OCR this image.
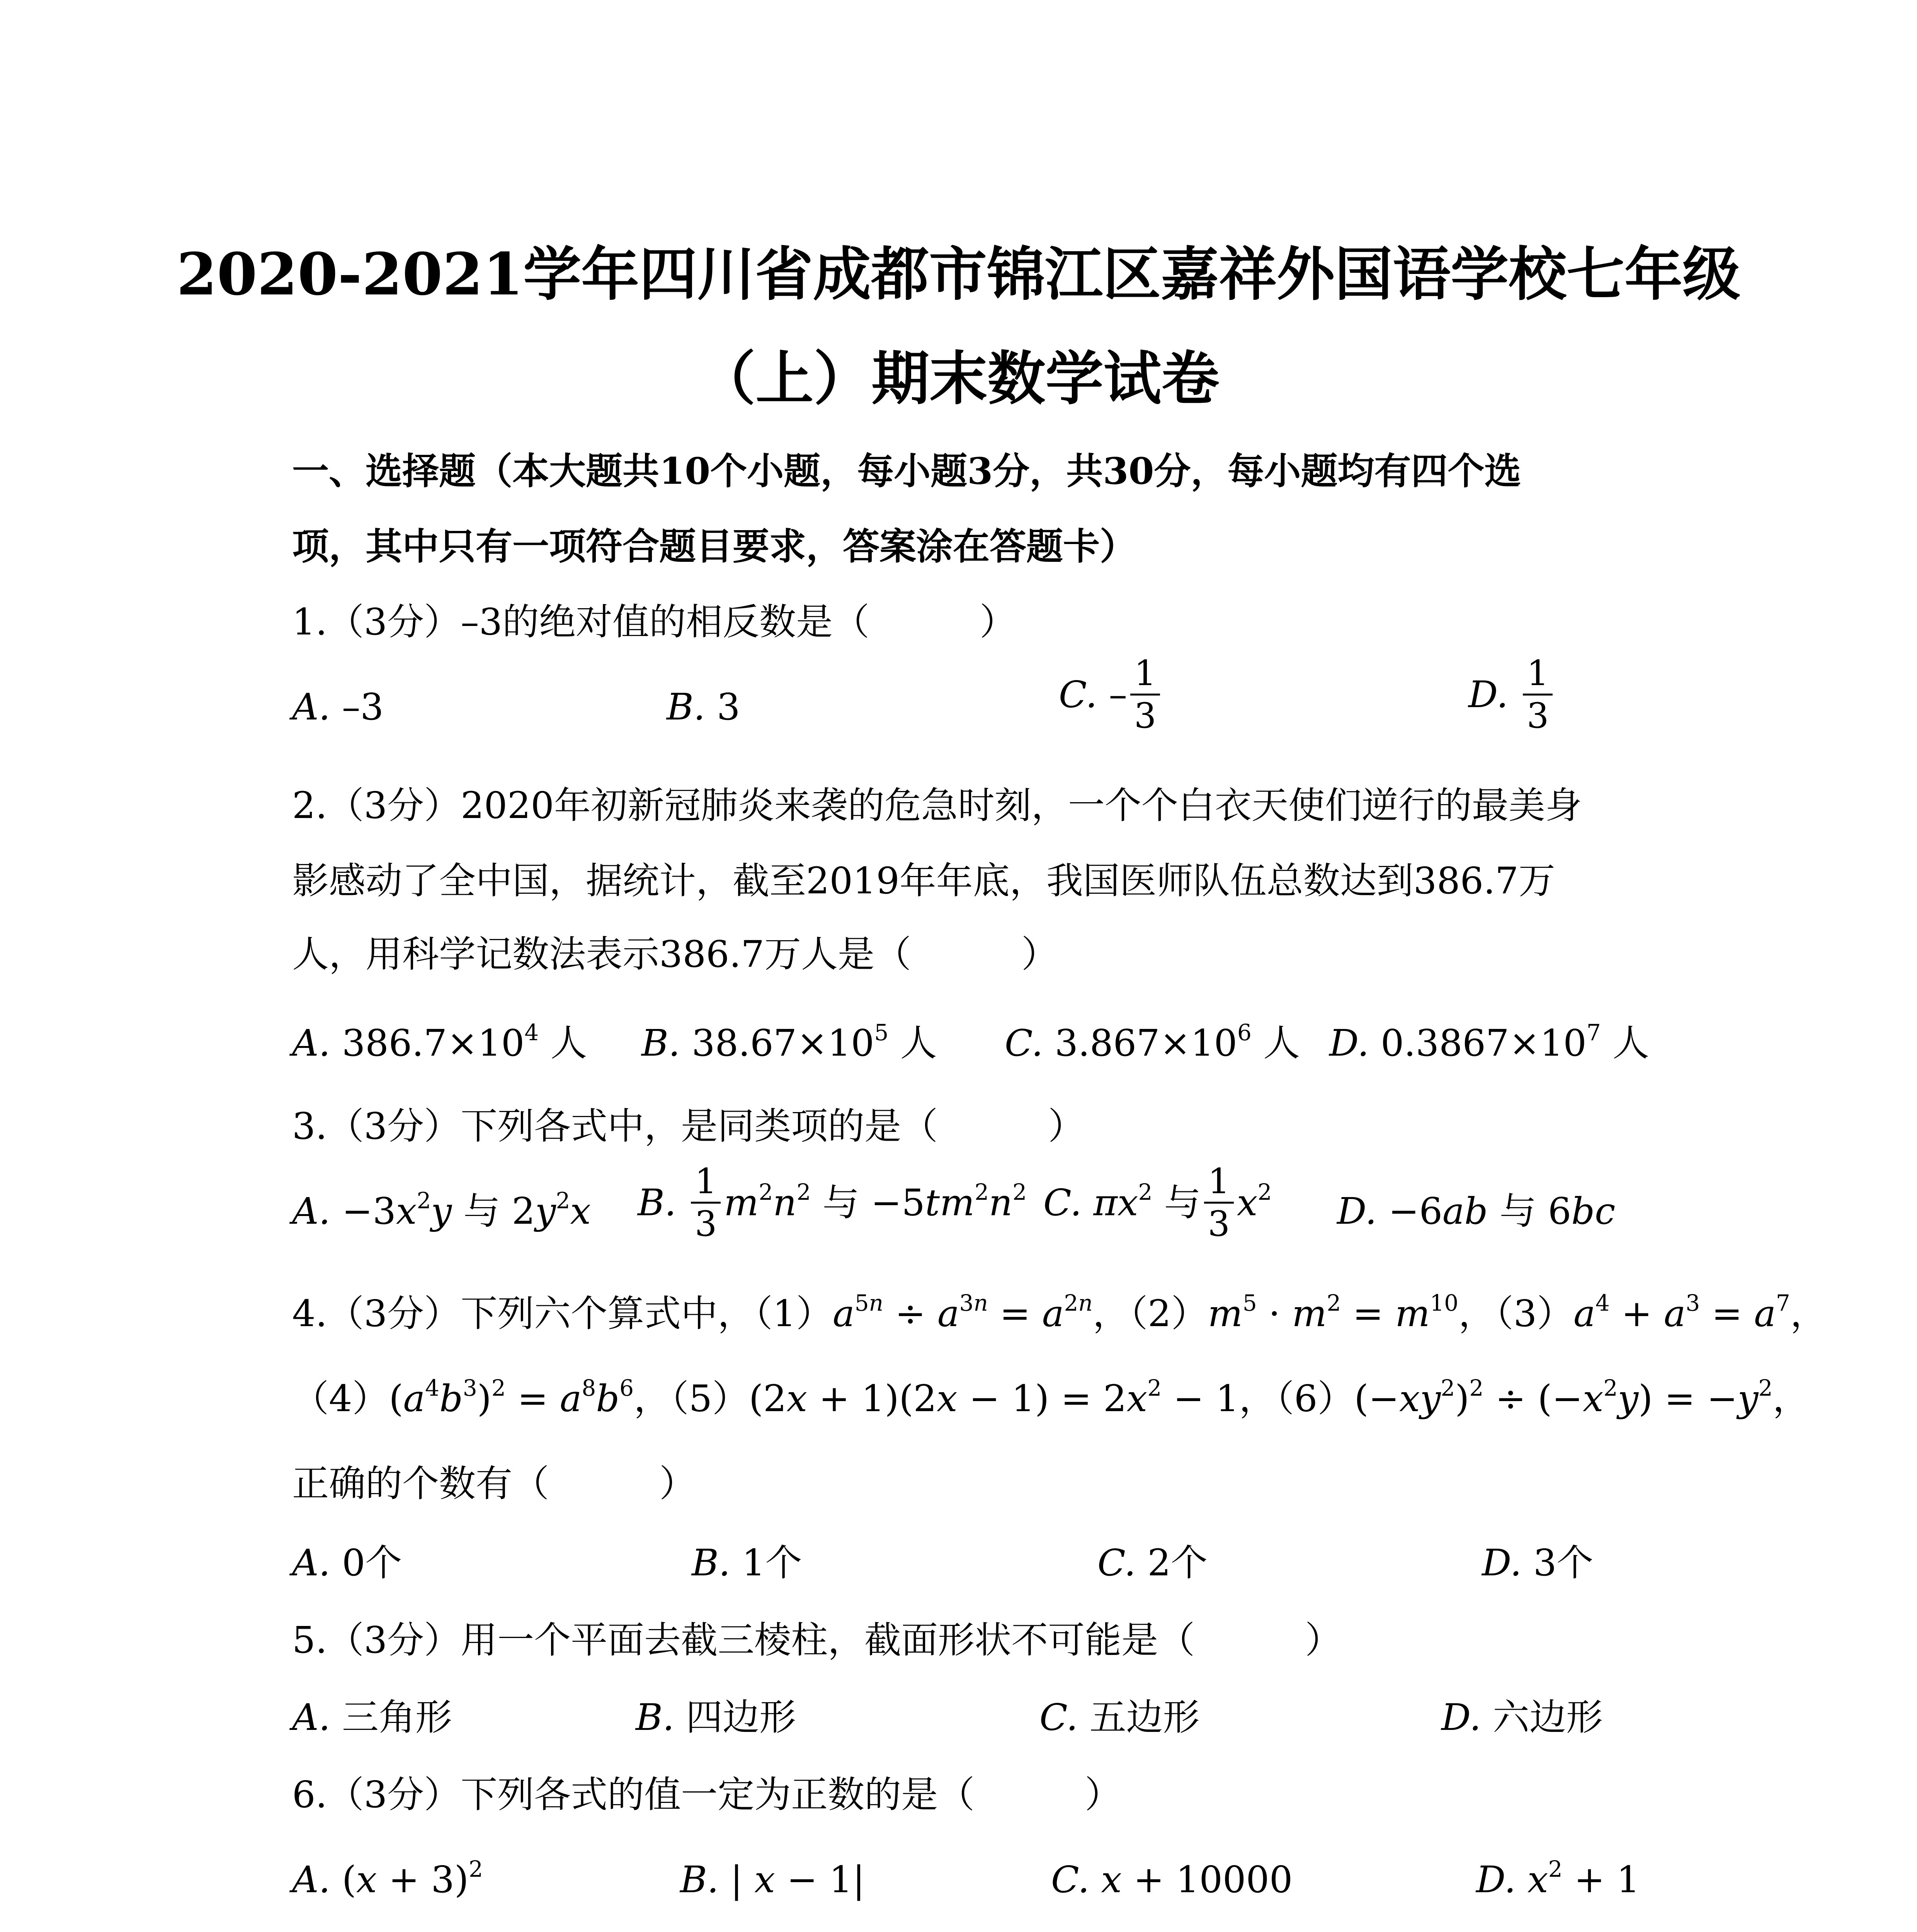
2020-2021学年四川省成都市锦江区嘉祥外国语学校七年级
（上）期末数学试卷
一、选择题（本大题共10个小题，每小题3分，共30分，每小题均有四个选
项，其中只有一项符合题目要求，答案涂在答题卡）
1.（3分）–3的绝对值的相反数是（　　　）
A. –3	B. 3	C. – $\frac{1}{3}$	D. $\frac{1}{3}$
2.（3分）2020年初新冠肺炎来袭的危急时刻，一个个白衣天使们逆行的最美身
影感动了全中国，据统计，截至2019年年底，我国医师队伍总数达到386.7万
人，用科学记数法表示386.7万人是（　　　）
A. $386.7\times 10^4$ 人 B. $38.67\times 10^5$ 人 C. $3.867\times 10^6$ 人 D. $0.3867\times 10^7$ 人
3.（3分）下列各式中，是同类项的是（　　　）
A. $-3x^2y$ 与 $2y^2x$ B. $\frac{1}{3} m^2n^2$ 与 $-5tm^2n^2$ C. $\pi x^2$ 与 $\frac{1}{3} x^2$ D. −6ab 与 6bc
4.（3分）下列六个算式中，$(1)a^{5n} \div a^{3n} = a^{2n}$，$(2)m^5 \cdot m^2 = m^{10}$，$(3)a^4 + a^3 = a^7$，
$(4)(a^4b^3)^2 = a^8b^6$，$(5)(2x + 1)(2x - 1) = 2x^2 - 1$，$(6)(-xy^2)^2 \div (-x^2y) = -y^2$，
正确的个数有（　　　）
A. 0个	B. 1个	C. 2个	D. 3个
5.（3分）用一个平面去截三棱柱，截面形状不可能是（　　　）
A. 三角形	B. 四边形	C. 五边形	D. 六边形
6.（3分）下列各式的值一定为正数的是（　　　）
A. $(x + 3)^2$	B. | x − 1|	C. x + 10000	D. $x^2 + 1$
